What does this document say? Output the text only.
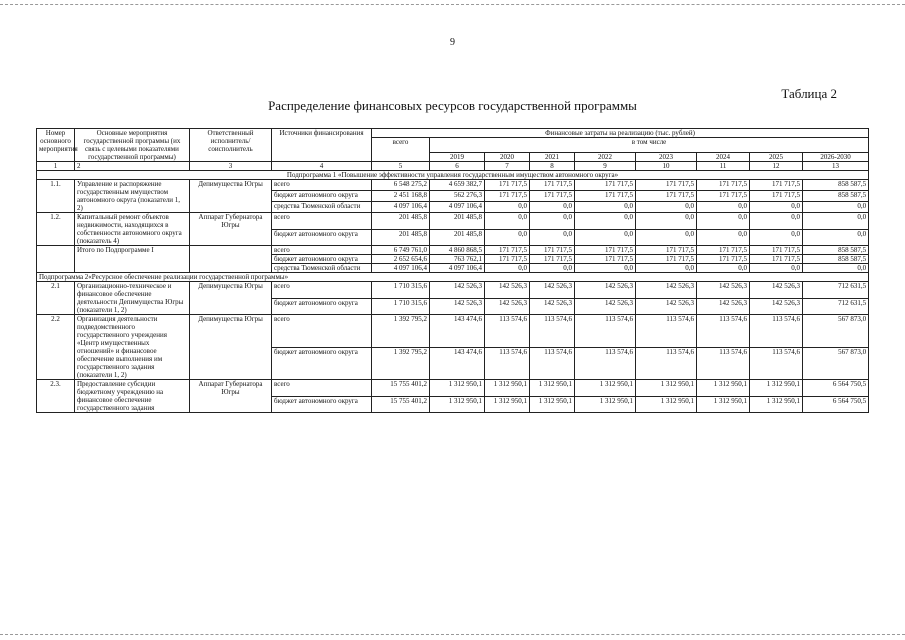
9
Таблица 2
Распределение финансовых ресурсов государственной программы
Номер основного мероприятия	Основные мероприятия государственной программы (их связь с целевыми показателями государственной программы)	Ответственный исполнитель/ соисполнитель	Источники финансирования	Финансовые затраты на реализацию (тыс. рублей)								
				всего	в том числе							
					2019	2020	2021	2022	2023	2024	2025	2026-2030
1	2	3	4	5	6	7	8	9	10	11	12	13
Подпрограмма 1 «Повышение эффективности управления государственным имуществом автономного округа»												
1.1.	Управление и распоряжение государственным имуществом автономного округа (показатели 1, 2)	Депимущества Югры	всего	6 548 275,2	4 659 382,7	171 717,5	171 717,5	171 717,5	171 717,5	171 717,5	171 717,5	858 587,5
			бюджет автономного округа	2 451 168,8	562 276,3	171 717,5	171 717,5	171 717,5	171 717,5	171 717,5	171 717,5	858 587,5
			средства Тюменской области	4 097 106,4	4 097 106,4	0,0	0,0	0,0	0,0	0,0	0,0	0,0
1.2.	Капитальный ремонт объектов недвижимости, находящихся в собственности автономного округа (показатель 4)	Аппарат Губернатора Югры	всего	201 485,8	201 485,8	0,0	0,0	0,0	0,0	0,0	0,0	0,0
			бюджет автономного округа	201 485,8	201 485,8	0,0	0,0	0,0	0,0	0,0	0,0	0,0
	Итого по Подпрограмме I		всего	6 749 761,0	4 860 868,5	171 717,5	171 717,5	171 717,5	171 717,5	171 717,5	171 717,5	858 587,5
			бюджет автономного округа	2 652 654,6	763 762,1	171 717,5	171 717,5	171 717,5	171 717,5	171 717,5	171 717,5	858 587,5
			средства Тюменской области	4 097 106,4	4 097 106,4	0,0	0,0	0,0	0,0	0,0	0,0	0,0
Подпрограмма 2«Ресурсное обеспечение реализации государственной программы»												
2.1	Организационно-техническое и финансовое обеспечение деятельности Депимущества Югры (показатели 1, 2)	Депимущества Югры	всего	1 710 315,6	142 526,3	142 526,3	142 526,3	142 526,3	142 526,3	142 526,3	142 526,3	712 631,5
			бюджет автономного округа	1 710 315,6	142 526,3	142 526,3	142 526,3	142 526,3	142 526,3	142 526,3	142 526,3	712 631,5
2.2	Организация деятельности подведомственного государственного учреждения «Центр имущественных отношений» и финансовое обеспечение выполнения им государственного задания (показатели 1, 2)	Депимущества Югры	всего	1 392 795,2	143 474,6	113 574,6	113 574,6	113 574,6	113 574,6	113 574,6	113 574,6	567 873,0
			бюджет автономного округа	1 392 795,2	143 474,6	113 574,6	113 574,6	113 574,6	113 574,6	113 574,6	113 574,6	567 873,0
2.3.	Предоставление субсидии бюджетному учреждению на финансовое обеспечение государственного задания	Аппарат Губернатора Югры	всего	15 755 401,2	1 312 950,1	1 312 950,1	1 312 950,1	1 312 950,1	1 312 950,1	1 312 950,1	1 312 950,1	6 564 750,5
			бюджет автономного округа	15 755 401,2	1 312 950,1	1 312 950,1	1 312 950,1	1 312 950,1	1 312 950,1	1 312 950,1	1 312 950,1	6 564 750,5
